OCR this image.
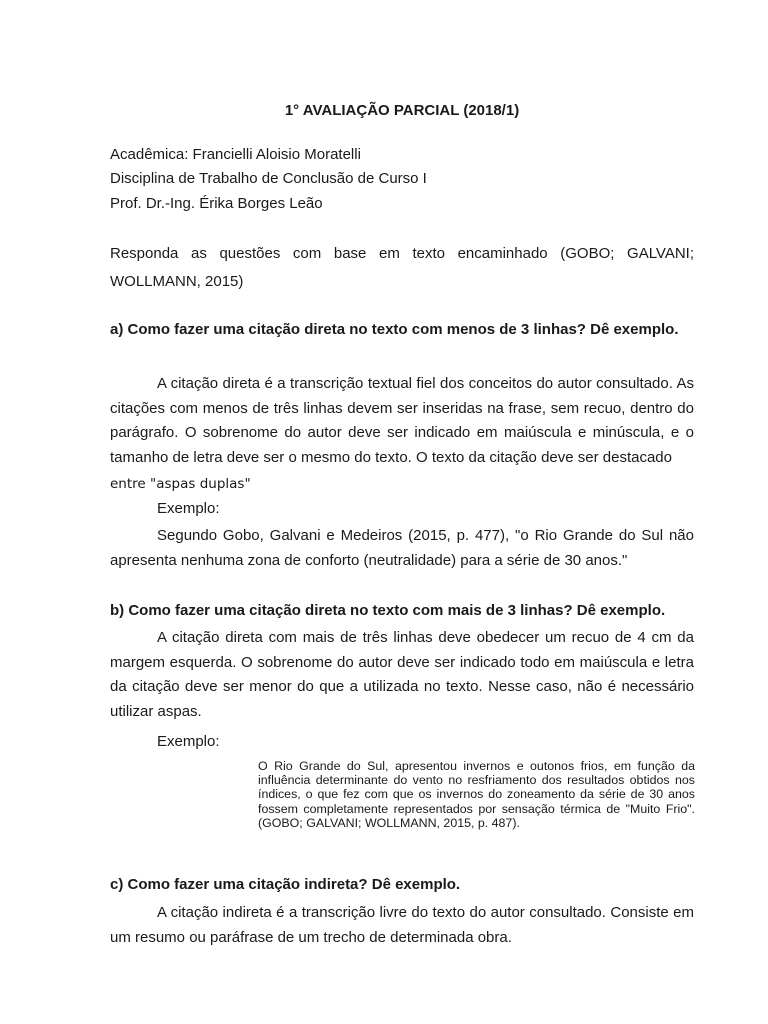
1° AVALIAÇÃO PARCIAL (2018/1)
Acadêmica: Francielli Aloisio Moratelli
Disciplina de Trabalho de Conclusão de Curso I
Prof. Dr.-Ing. Érika Borges Leão
Responda as questões com base em texto encaminhado (GOBO; GALVANI; WOLLMANN, 2015)
a) Como fazer uma citação direta no texto com menos de 3 linhas? Dê exemplo.
A citação direta é a transcrição textual fiel dos conceitos do autor consultado. As citações com menos de três linhas devem ser inseridas na frase, sem recuo, dentro do parágrafo. O sobrenome do autor deve ser indicado em maiúscula e minúscula, e o tamanho de letra deve ser o mesmo do texto. O texto da citação deve ser destacado
entre "aspas duplas"
Exemplo:
Segundo Gobo, Galvani e Medeiros (2015, p. 477), "o Rio Grande do Sul não apresenta nenhuma zona de conforto (neutralidade) para a série de 30 anos."
b) Como fazer uma citação direta no texto com mais de 3 linhas? Dê exemplo.
A citação direta com mais de três linhas deve obedecer um recuo de 4 cm da margem esquerda. O sobrenome do autor deve ser indicado todo em maiúscula e letra da citação deve ser menor do que a utilizada no texto. Nesse caso, não é necessário utilizar aspas.
Exemplo:
O Rio Grande do Sul, apresentou invernos e outonos frios, em função da influência determinante do vento no resfriamento dos resultados obtidos nos índices, o que fez com que os invernos do zoneamento da série de 30 anos fossem completamente representados por sensação térmica de "Muito Frio". (GOBO; GALVANI; WOLLMANN, 2015, p. 487).
c) Como fazer uma citação indireta? Dê exemplo.
A citação indireta é a transcrição livre do texto do autor consultado. Consiste em um resumo ou paráfrase de um trecho de determinada obra.
